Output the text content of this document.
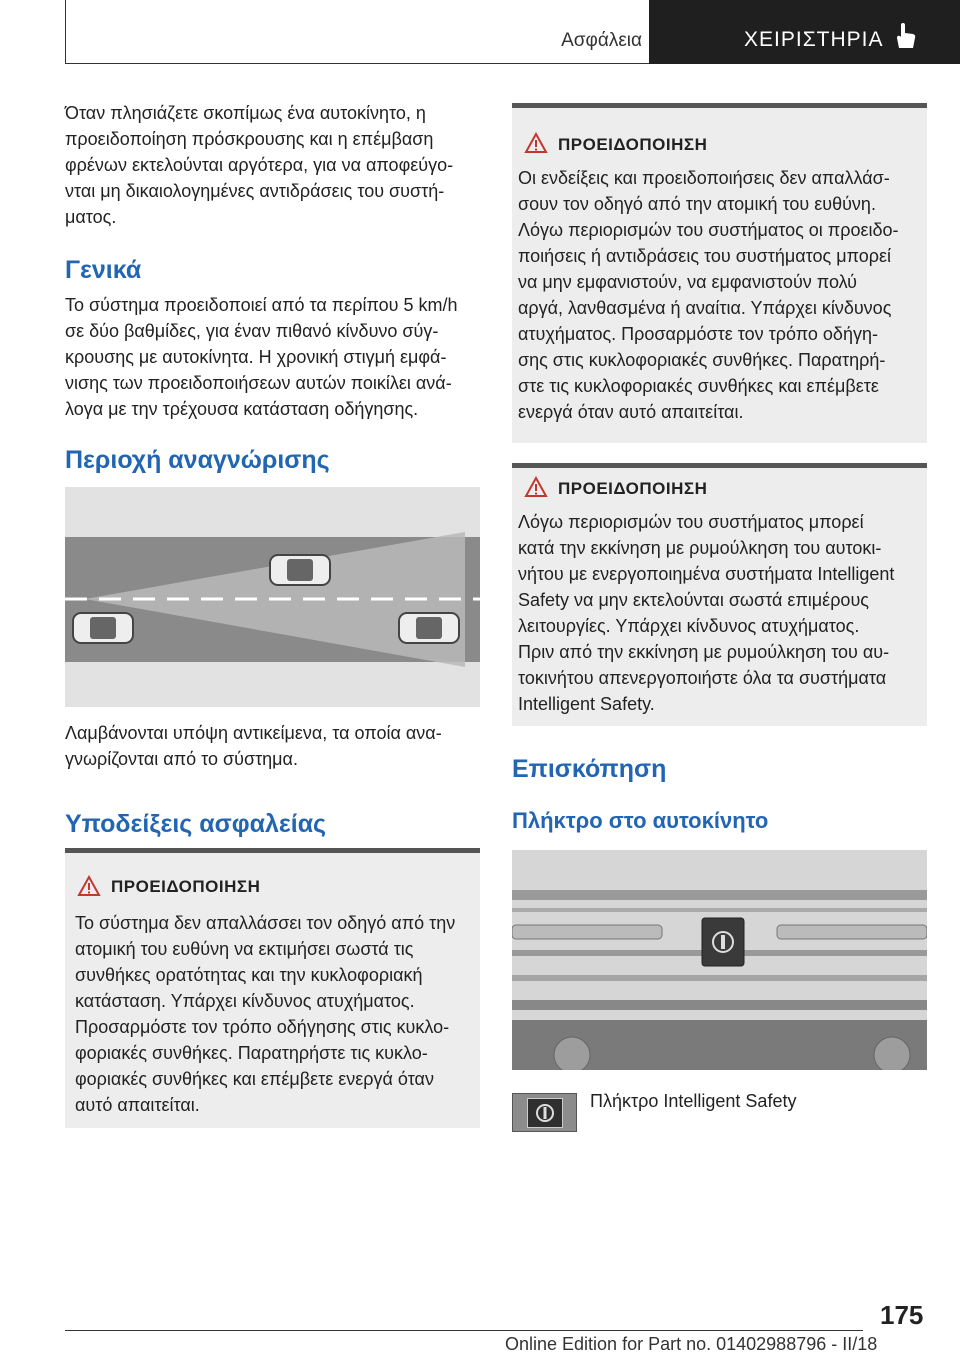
Ασφάλεια	ΧΕΙΡΙΣΤΗΡΙΑ

Όταν πλησιάζετε σκοπίμως ένα αυτοκίνητο, η

προειδοποίηση πρόσκρουσης και η επέμβαση

φρένων εκτελούνται αργότερα, για να αποφεύγο-

νται μη δικαιολογημένες αντιδράσεις του συστή-

ματος.

Γενικά

Το σύστημα προειδοποιεί από τα περίπου 5 km/h

σε δύο βαθμίδες, για έναν πιθανό κίνδυνο σύγ-

κρουσης με αυτοκίνητα. Η χρονική στιγμή εμφά-

νισης των προειδοποιήσεων αυτών ποικίλει ανά-

λογα με την τρέχουσα κατάσταση οδήγησης.

Περιοχή αναγνώρισης

Λαμβάνονται υπόψη αντικείμενα, τα οποία ανα-

γνωρίζονται από το σύστημα.

Υποδείξεις ασφαλείας
ΠΡΟΕΙΔΟΠΟΙΗΣΗ

Το σύστημα δεν απαλλάσσει τον οδηγό από την

ατομική του ευθύνη να εκτιμήσει σωστά τις

συνθήκες ορατότητας και την κυκλοφοριακή

κατάσταση. Υπάρχει κίνδυνος ατυχήματος.

Προσαρμόστε τον τρόπο οδήγησης στις κυκλο-

φοριακές συνθήκες. Παρατηρήστε τις κυκλο-

φοριακές συνθήκες και επέμβετε ενεργά όταν

αυτό απαιτείται.

ΠΡΟΕΙΔΟΠΟΙΗΣΗ

Οι ενδείξεις και προειδοποιήσεις δεν απαλλάσ-

σουν τον οδηγό από την ατομική του ευθύνη.

Λόγω περιορισμών του συστήματος οι προειδο-

ποιήσεις ή αντιδράσεις του συστήματος μπορεί

να μην εμφανιστούν, να εμφανιστούν πολύ

αργά, λανθασμένα ή αναίτια. Υπάρχει κίνδυνος

ατυχήματος. Προσαρμόστε τον τρόπο οδήγη-

σης στις κυκλοφοριακές συνθήκες. Παρατηρή-

στε τις κυκλοφοριακές συνθήκες και επέμβετε

ενεργά όταν αυτό απαιτείται.

ΠΡΟΕΙΔΟΠΟΙΗΣΗ

Λόγω περιορισμών του συστήματος μπορεί

κατά την εκκίνηση με ρυμούλκηση του αυτοκι-

νήτου με ενεργοποιημένα συστήματα Intelligent

Safety να μην εκτελούνται σωστά επιμέρους

λειτουργίες. Υπάρχει κίνδυνος ατυχήματος.

Πριν από την εκκίνηση με ρυμούλκηση του αυ-

τοκινήτου απενεργοποιήστε όλα τα συστήματα

Intelligent Safety.

Επισκόπηση
Πλήκτρο στο αυτοκίνητο
Πλήκτρο Intelligent Safety
175
Online Edition for Part no. 01402988796 - II/18
